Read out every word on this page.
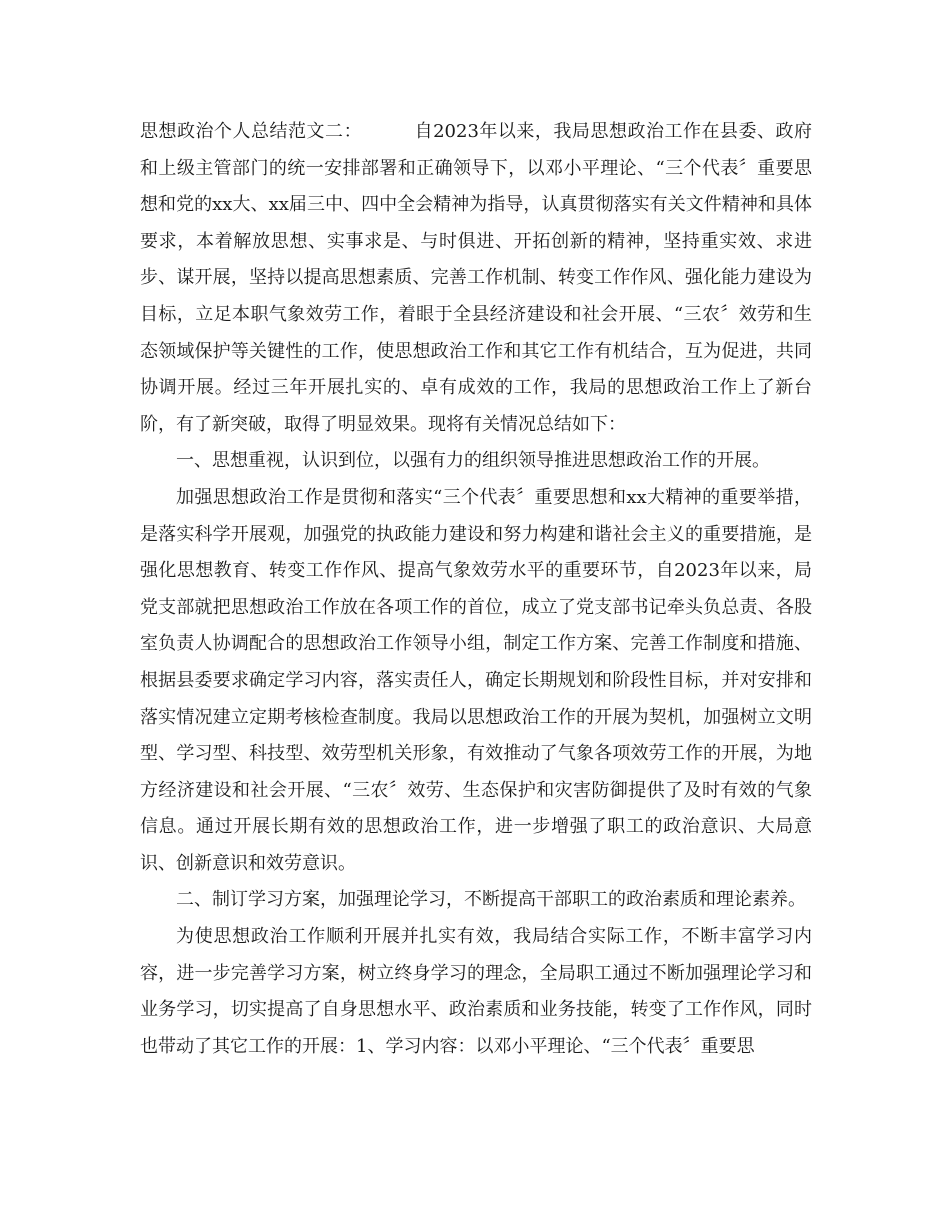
思想政治个人总结范文二：	自2023年以来，我局思想政治工作在县委、政府和上级主管部门的统一安排部署和正确领导下，以邓小平理论、“三个代表〞重要思想和党的xx大、xx届三中、四中全会精神为指导，认真贯彻落实有关文件精神和具体要求，本着解放思想、实事求是、与时俱进、开拓创新的精神，坚持重实效、求进步、谋开展，坚持以提高思想素质、完善工作机制、转变工作作风、强化能力建设为目标，立足本职气象效劳工作，着眼于全县经济建设和社会开展、“三农〞效劳和生态领域保护等关键性的工作，使思想政治工作和其它工作有机结合，互为促进，共同协调开展。经过三年开展扎实的、卓有成效的工作，我局的思想政治工作上了新台阶，有了新突破，取得了明显效果。现将有关情况总结如下：

一、思想重视，认识到位，以强有力的组织领导推进思想政治工作的开展。

加强思想政治工作是贯彻和落实“三个代表〞重要思想和xx大精神的重要举措，是落实科学开展观，加强党的执政能力建设和努力构建和谐社会主义的重要措施，是强化思想教育、转变工作作风、提高气象效劳水平的重要环节，自2023年以来，局党支部就把思想政治工作放在各项工作的首位，成立了党支部书记牵头负总责、各股室负责人协调配合的思想政治工作领导小组，制定工作方案、完善工作制度和措施、根据县委要求确定学习内容，落实责任人，确定长期规划和阶段性目标，并对安排和落实情况建立定期考核检查制度。我局以思想政治工作的开展为契机，加强树立文明型、学习型、科技型、效劳型机关形象，有效推动了气象各项效劳工作的开展，为地方经济建设和社会开展、“三农〞效劳、生态保护和灾害防御提供了及时有效的气象信息。通过开展长期有效的思想政治工作，进一步增强了职工的政治意识、大局意识、创新意识和效劳意识。

二、制订学习方案，加强理论学习，不断提高干部职工的政治素质和理论素养。

为使思想政治工作顺利开展并扎实有效，我局结合实际工作，不断丰富学习内容，进一步完善学习方案，树立终身学习的理念，全局职工通过不断加强理论学习和业务学习，切实提高了自身思想水平、政治素质和业务技能，转变了工作作风，同时也带动了其它工作的开展：1、学习内容：以邓小平理论、“三个代表〞重要思
